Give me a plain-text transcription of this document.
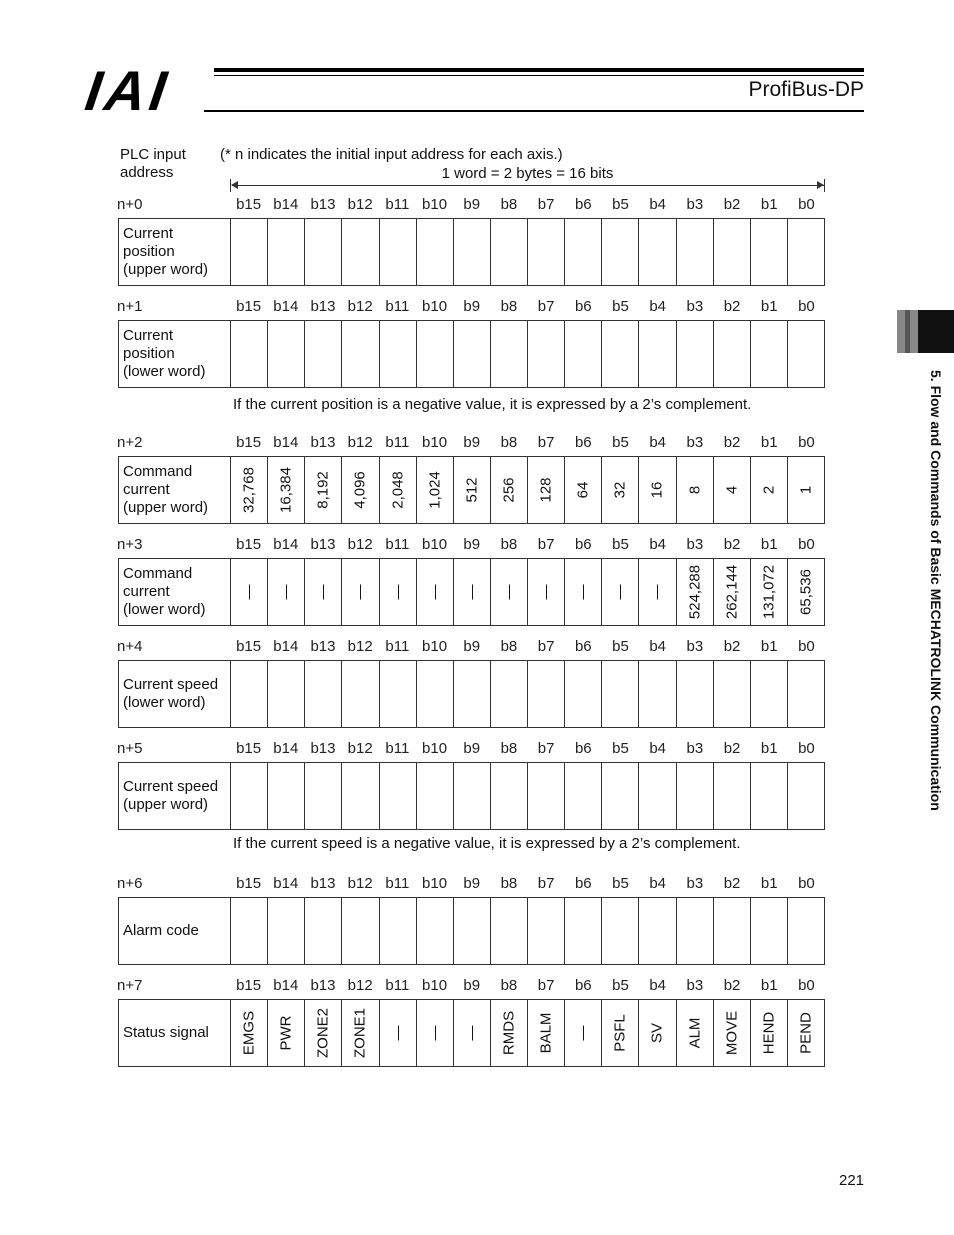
IAI	ProfiBus-DP
PLC input
address
(* n indicates the initial input address for each axis.)
1 word = 2 bytes = 16 bits
n+0	b15 b14 b13 b12 b11 b10	b9	b8	b7	b6	b5	b4	b3	b2	b1	b0
Current
position
(upper word)
n+1	b15 b14 b13 b12 b11 b10	b9	b8	b7	b6	b5	b4	b3	b2	b1	b0
Current
position
(lower word)
n+2	b15 b14 b13 b12 b11 b10	b9	b8	b7	b6	b5	b4	b3	b2	b1	b0
Command
current
(upper word) 32,768 16,384 8,192 4,096 2,048 1,024 512 256 128 64 32 16 8 4 2 1
n+3	b15 b14 b13 b12 b11 b10	b9	b8	b7	b6	b5	b4	b3	b2	b1	b0
Command
current
(lower word)
— — — — — — — — — — — — 524,288 262,144 131,072 65,536
n+4	b15 b14 b13 b12 b11 b10	b9	b8	b7	b6	b5	b4	b3	b2	b1	b0
Current speed
(lower word)
n+5	b15 b14 b13 b12 b11 b10	b9	b8	b7	b6	b5	b4	b3	b2	b1	b0
Current speed
(upper word)
n+6	b15 b14 b13 b12 b11 b10	b9	b8	b7	b6	b5	b4	b3	b2	b1	b0
Alarm code
n+7	b15 b14 b13 b12 b11 b10	b9	b8	b7	b6	b5	b4	b3	b2	b1	b0
Status signal EMGS PWR ZONE2 ZONE1 — — — RMDS BALM — PSFL SV ALM MOVE HEND PEND
If the current position is a negative value, it is expressed by a 2’s complement.
If the current speed is a negative value, it is expressed by a 2’s complement.
5. Flow and Commands of Basic MECHATROLINK Communication
221
